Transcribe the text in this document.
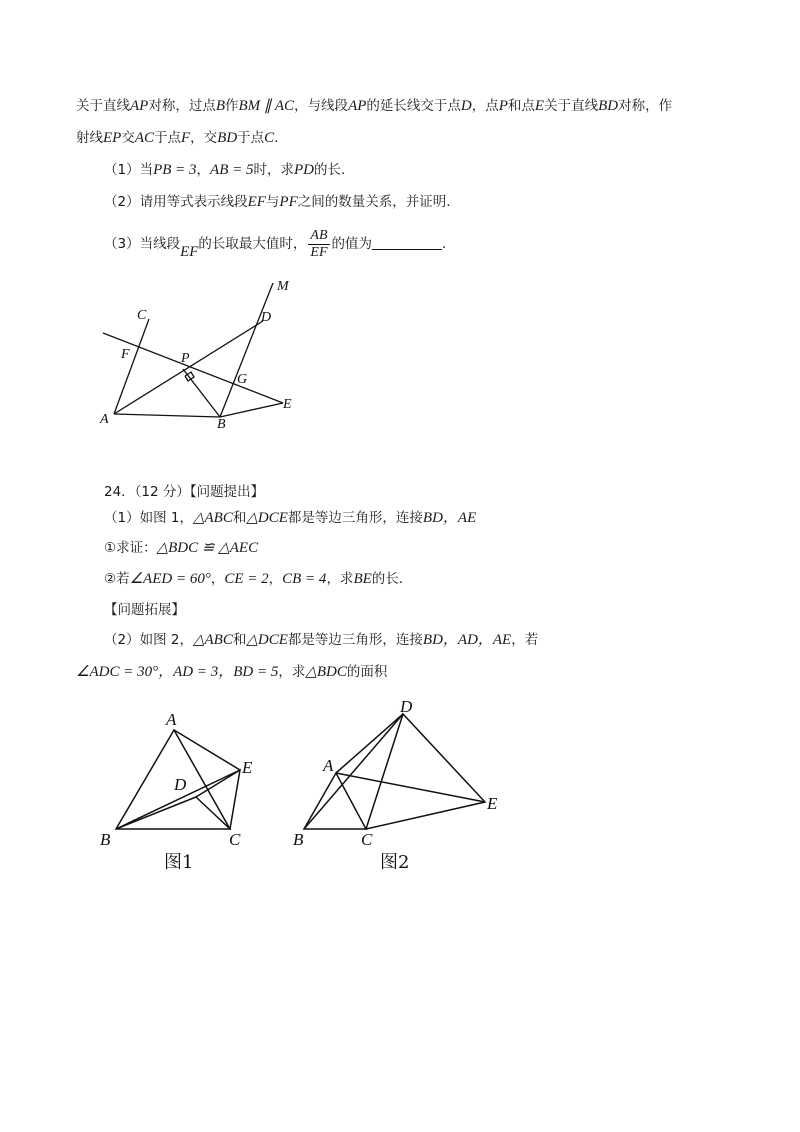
关于直线AP对称，过点B作BM ∥ AC，与线段AP的延长线交于点D，点P和点E关于直线BD对称，作
射线EP交AC于点F，交BD于点C.
（1）当PB = 3，AB = 5时，求PD的长.
（2）请用等式表示线段EF与PF之间的数量关系，并证明.
（3）当线段EF的长取最大值时， $\frac{AB}{EF}$ 的值为	.
M
D
C
F	P
G
E
A	B
24．（12 分）【问题提出】
（1）如图 1，△ABC和△DCE都是等边三角形，连接BD，AE
①求证：△BDC ≌ △AEC
②若∠AED = 60°，CE = 2，CB = 4，求BE的长.
【问题拓展】
（2）如图 2，△ABC和△DCE都是等边三角形，连接BD，AD，AE，若
∠ADC = 30°，AD = 3，BD = 5，求△BDC的面积
A
B	C
D
E
图1
D
A
B	C
E
图2
